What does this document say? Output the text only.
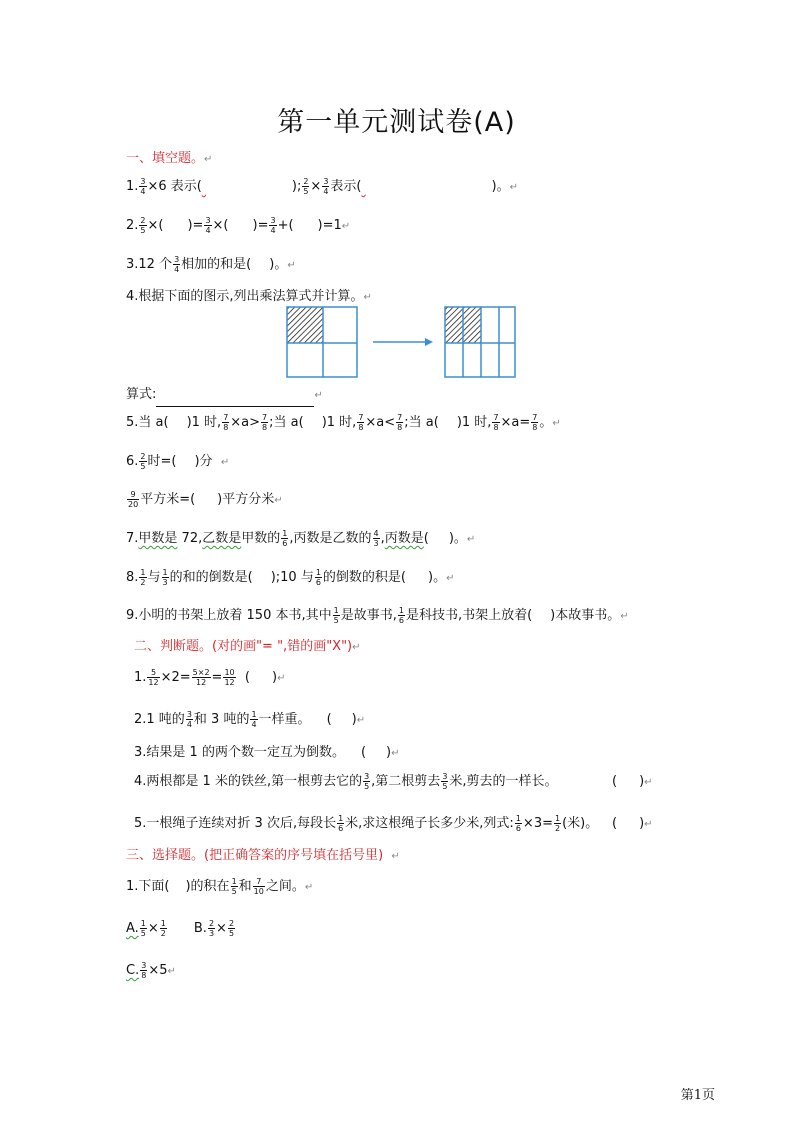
第一单元测试卷(A)
一、填空题。↵
1. $\frac{3}{4} \times 6$ 表示(	); $\frac{2}{5} \times \frac{3}{4}$ 表示(	)。↵
2. $\frac{2}{5}$ ×( )= $\frac{3}{4}$ ×( )= $\frac{3}{4}$ +( )=1↵
3.12 个 $\frac{3}{4}$ 相加的和是( )。↵
4.根据下面的图示,列出乘法算式并计算。↵
算式:	↵
5.当 a( )1 时, $\frac{7}{8} \times a> \frac{7}{8}$ ;当 a( )1 时, $\frac{7}{8} \times a< \frac{7}{8}$ ;当 a( )1 时, $\frac{7}{8} \times a= \frac{7}{8}$ 。↵
6. $\frac{2}{5}$ 时=( )分 ↵
$\frac{9}{20}$ 平方米=( )平方分米↵
7.甲数是 72,乙数是甲数的 $\frac{1}{6}$ ,丙数是乙数的 $\frac{4}{3}$ ,丙数是( )。↵
8. $\frac{1}{2}$ 与 $\frac{1}{3}$ 的和的倒数是( );10 与 $\frac{1}{6}$ 的倒数的积是( )。↵
9.小明的书架上放着 150 本书,其中 $\frac{1}{5}$ 是故事书, $\frac{1}{6}$ 是科技书,书架上放着( )本故事书。↵
二、判断题。(对的画"= ",错的画"X")↵
1. $\frac{5}{12} \times 2= \frac{5\times 2}{12} = \frac{10}{12}$ ( )↵
2.1 吨的 $\frac{3}{4}$ 和 3 吨的 $\frac{1}{4}$ 一样重。 ( )↵
3.结果是 1 的两个数一定互为倒数。 ( )↵
4.两根都是 1 米的铁丝,第一根剪去它的 $\frac{3}{5}$ ,第二根剪去 $\frac{3}{5}$ 米,剪去的一样长。	( )↵
5.一根绳子连续对折 3 次后,每段长 $\frac{1}{6}$ 米,求这根绳子长多少米,列式: $\frac{1}{6} \times 3= \frac{1}{2}$ (米)。 ( )↵
三、选择题。(把正确答案的序号填在括号里) ↵
1.下面( )的积在 $\frac{1}{5}$ 和 $\frac{7}{10}$ 之间。↵
A. $\frac{1}{5} \times \frac{1}{2} B$. $\frac{2}{3} \times \frac{2}{5}$
C. $\frac{3}{8}$ ×5↵
第1页
